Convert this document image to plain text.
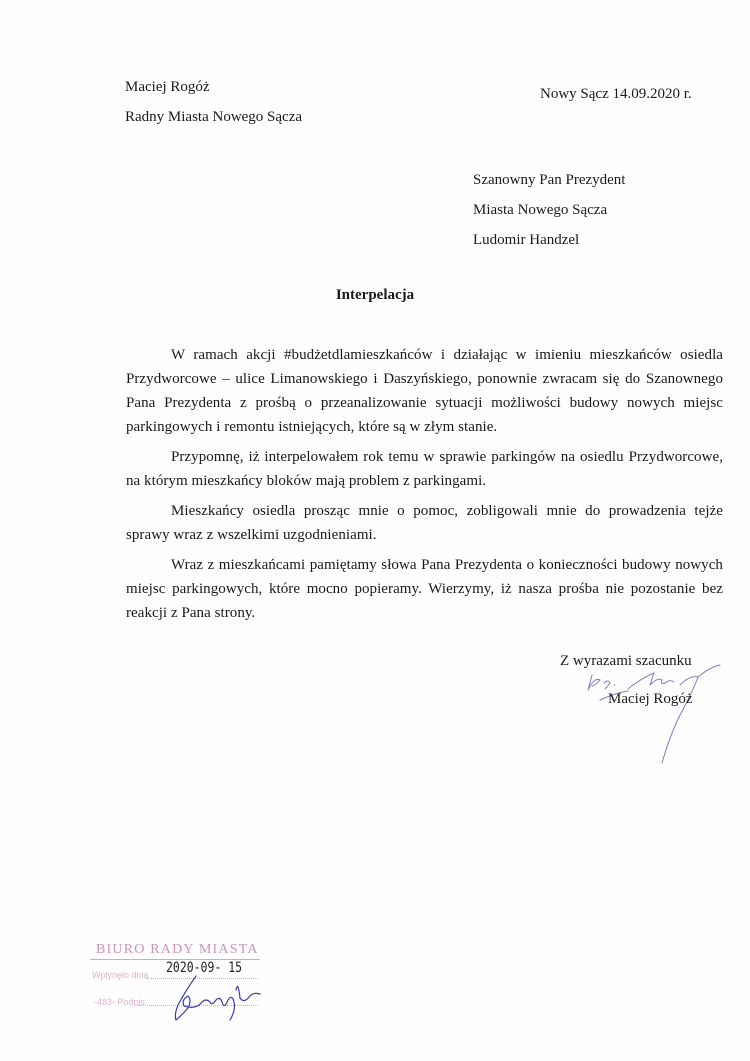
Maciej Rogóż
Radny Miasta Nowego Sącza
Nowy Sącz 14.09.2020 r.
Szanowny Pan Prezydent
Miasta Nowego Sącza
Ludomir Handzel
Interpelacja

W ramach akcji #budżetdlamieszkańców i działając w imieniu mieszkańców osiedla Przydworcowe – ulice Limanowskiego i Daszyńskiego, ponownie zwracam się do Szanownego Pana Prezydenta z prośbą o przeanalizowanie sytuacji możliwości budowy nowych miejsc parkingowych i remontu istniejących, które są w złym stanie.

Przypomnę, iż interpelowałem rok temu w sprawie parkingów na osiedlu Przydworcowe, na którym mieszkańcy bloków mają problem z parkingami.

Mieszkańcy osiedla prosząc mnie o pomoc, zobligowali mnie do prowadzenia tejże sprawy wraz z wszelkimi uzgodnieniami.

Wraz z mieszkańcami pamiętamy słowa Pana Prezydenta o konieczności budowy nowych miejsc parkingowych, które mocno popieramy. Wierzymy, iż nasza prośba nie pozostanie bez reakcji z Pana strony.

Z wyrazami szacunku
Maciej Rogóż
BIURO RADY MIASTA
Wpłynęło dnia 2020-09- 15
-483- Podpis
